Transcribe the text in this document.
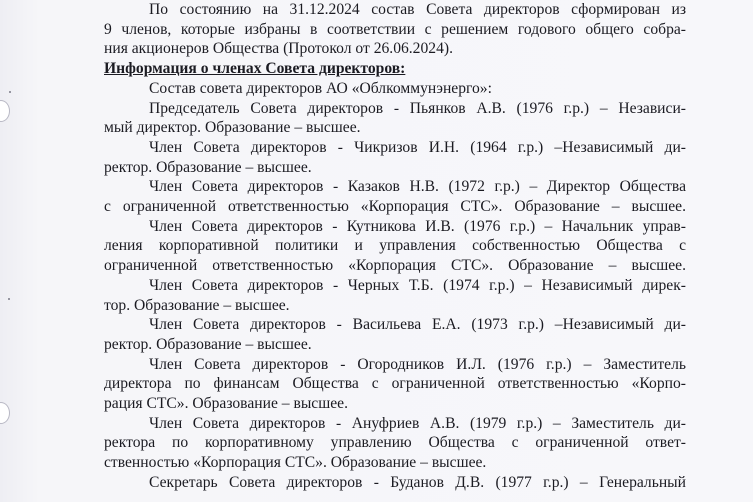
По состоянию на 31.12.2024 состав Совета директоров сформирован из
9 членов, которые избраны в соответствии с решением годового общего собра-
ния акционеров Общества (Протокол от 26.06.2024).

Информация о членах Совета директоров:

Состав совета директоров АО «Облкоммунэнерго»:

Председатель Совета директоров - Пьянков А.В. (1976 г.р.) – Независи-
мый директор. Образование – высшее.

Член Совета директоров - Чикризов И.Н. (1964 г.р.) –Независимый ди-
ректор. Образование – высшее.

Член Совета директоров - Казаков Н.В. (1972 г.р.) – Директор Общества
с ограниченной ответственностью «Корпорация СТС». Образование – высшее.

Член Совета директоров - Кутникова И.В. (1976 г.р.) – Начальник управ-
ления корпоративной политики и управления собственностью Общества с
ограниченной ответственностью «Корпорация СТС». Образование – высшее.

Член Совета директоров - Черных Т.Б. (1974 г.р.) – Независимый дирек-
тор. Образование – высшее.

Член Совета директоров - Васильева Е.А. (1973 г.р.) –Независимый ди-
ректор. Образование – высшее.

Член Совета директоров - Огородников И.Л. (1976 г.р.) – Заместитель
директора по финансам Общества с ограниченной ответственностью «Корпо-
рация СТС». Образование – высшее.

Член Совета директоров - Ануфриев А.В. (1979 г.р.) – Заместитель ди-
ректора по корпоративному управлению Общества с ограниченной ответ-
ственностью «Корпорация СТС». Образование – высшее.

Секретарь Совета директоров - Буданов Д.В. (1977 г.р.) – Генеральный
